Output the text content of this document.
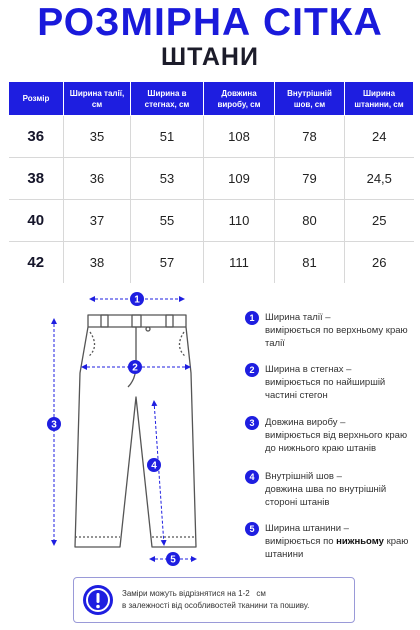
РОЗМІРНА СІТКА
ШТАНИ
Розмір	Ширина талії, см	Ширина в стегнах, см	Довжина виробу, см	Внутрішній шов, см	Ширина штанини, см
36	35	51	108	78	24
38	36	53	109	79	24,5
40	37	55	110	80	25
42	38	57	111	81	26
1
2
3
4
5
1	Ширина талії –
вимірюється по верхньому краю талії
2	Ширина в стегнах –
вимірюється по найширшій частині стегон
3	Довжина виробу –
вимірюється від верхнього краю до нижнього краю штанів
4	Внутрішній шов –
довжина шва по внутрішній стороні штанів
5	Ширина штанини –
вимірюється по нижньому краю штанини
Заміри можуть відрізнятися на 1-2   см
в залежності від особливостей тканини та пошиву.
